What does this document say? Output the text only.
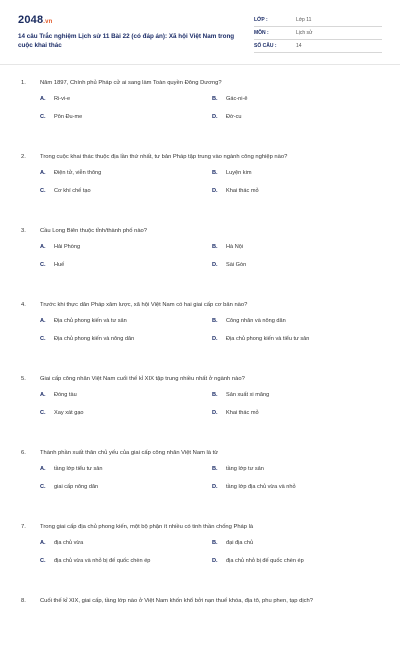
2048.vn
14 câu Trắc nghiệm Lịch sử 11 Bài 22 (có đáp án): Xã hội Việt Nam trong cuộc khai thác
LỚP :	Lớp 11
MÔN :	Lịch sử
SỐ CÂU :	14
1. Năm 1897, Chính phủ Pháp cử ai sang làm Toàn quyền Đông Dương?
A. Ri-vi-e	B. Gác-ni-ê
C. Pôn Đu-me	D. Đờ-cu
2. Trong cuộc khai thác thuộc địa lần thứ nhất, tư bản Pháp tập trung vào ngành công nghiệp nào?
A. Điện tử, viễn thông	B. Luyện kim
C. Cơ khí chế tạo	D. Khai thác mỏ
3. Cầu Long Biên thuộc tỉnh/thành phố nào?
A. Hải Phòng	B. Hà Nội
C. Huế	D. Sài Gòn
4. Trước khi thực dân Pháp xâm lược, xã hội Việt Nam có hai giai cấp cơ bản nào?
A. Địa chủ phong kiến và tư sản	B. Công nhân và nông dân
C. Địa chủ phong kiến và nông dân	D. Địa chủ phong kiến và tiểu tư sản
5. Giai cấp công nhân Việt Nam cuối thế kỉ XIX tập trung nhiều nhất ở ngành nào?
A. Đóng tàu	B. Sản xuất xi măng
C. Xay xát gạo	D. Khai thác mỏ
6. Thành phần xuất thân chủ yếu của giai cấp công nhân Việt Nam là từ
A. tầng lớp tiểu tư sản	B. tầng lớp tư sản
C. giai cấp nông dân	D. tầng lớp địa chủ vừa và nhỏ
7. Trong giai cấp địa chủ phong kiến, một bộ phận ít nhiều có tinh thần chống Pháp là
A. địa chủ vừa	B. đại địa chủ
C. địa chủ vừa và nhỏ bị đế quốc chèn ép	D. địa chủ nhỏ bị đế quốc chèn ép
8. Cuối thế kỉ XIX, giai cấp, tầng lớp nào ở Việt Nam khốn khổ bởi nạn thuế khóa, địa tô, phu phen, tạp dịch?
